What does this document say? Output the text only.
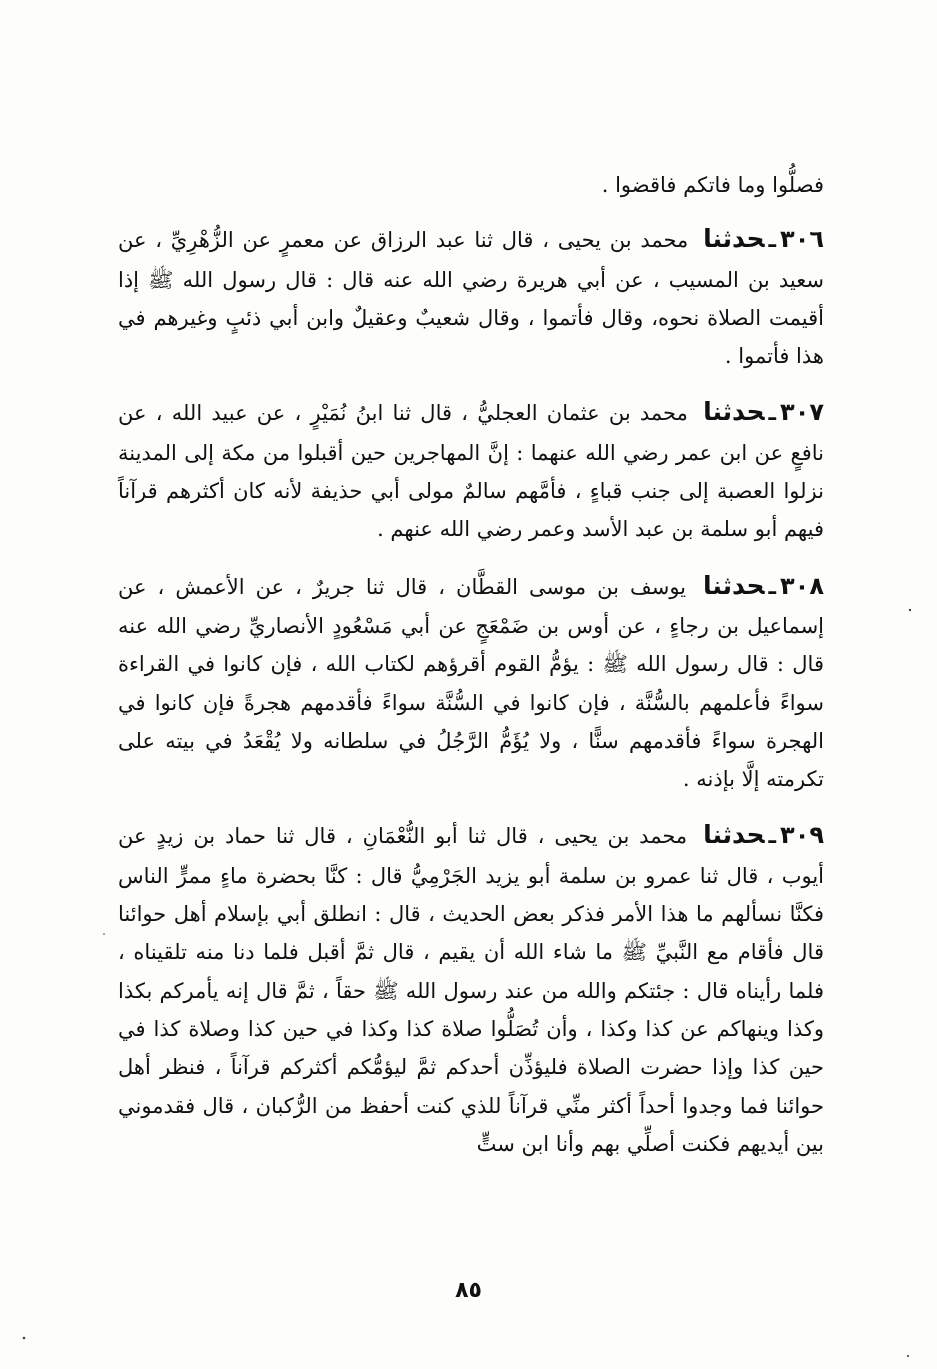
فصلُّوا وما فاتكم فاقضوا .

٣٠٦ـحدثنا محمد بن يحيى ، قال ثنا عبد الرزاق عن معمرٍ عن الزُّهْرِيِّ ، عن سعيد بن المسيب ، عن أبي هريرة رضي الله عنه قال : قال رسول الله ﷺ إذا أقيمت الصلاة نحوه، وقال فأتموا ، وقال شعيبٌ وعقيلٌ وابن أبي ذئبٍ وغيرهم في هذا فأتموا .

٣٠٧ـحدثنا محمد بن عثمان العجليُّ ، قال ثنا ابنُ نُمَيْرٍ ، عن عبيد الله ، عن نافعٍ عن ابن عمر رضي الله عنهما : إنَّ المهاجرين حين أقبلوا من مكة إلى المدينة نزلوا العصبة إلى جنب قباءٍ ، فأمَّهم سالمٌ مولى أبي حذيفة لأنه كان أكثرهم قرآناً فيهم أبو سلمة بن عبد الأسد وعمر رضي الله عنهم .

٣٠٨ـحدثنا يوسف بن موسى القطَّان ، قال ثنا جريرٌ ، عن الأعمش ، عن إسماعيل بن رجاءٍ ، عن أوس بن ضَمْعَجٍ عن أبي مَسْعُودٍ الأنصاريِّ رضي الله عنه قال : قال رسول الله ﷺ : يؤمُّ القوم أقرؤهم لكتاب الله ، فإن كانوا في القراءة سواءً فأعلمهم بالسُّنَّة ، فإن كانوا في السُّنَّة سواءً فأقدمهم هجرةً فإن كانوا في الهجرة سواءً فأقدمهم سنًّا ، ولا يُؤَمُّ الرَّجُلُ في سلطانه ولا يُقْعَدُ في بيته على تكرمته إلَّا بإذنه .

٣٠٩ـحدثنا محمد بن يحيى ، قال ثنا أبو النُّعْمَانِ ، قال ثنا حماد بن زيدٍ عن أيوب ، قال ثنا عمرو بن سلمة أبو يزيد الجَرْمِيُّ قال : كنَّا بحضرة ماءٍ ممرٍّ الناس فكنَّا نسألهم ما هذا الأمر فذكر بعض الحديث ، قال : انطلق أبي بإسلام أهل حوائنا قال فأقام مع النَّبيِّ ﷺ ما شاء الله أن يقيم ، قال ثمَّ أقبل فلما دنا منه تلقيناه ، فلما رأيناه قال : جئتكم والله من عند رسول الله ﷺ حقاً ، ثمَّ قال إنه يأمركم بكذا وكذا وينهاكم عن كذا وكذا ، وأن تُصَلُّوا صلاة كذا وكذا في حين كذا وصلاة كذا في حين كذا وإذا حضرت الصلاة فليؤذِّن أحدكم ثمَّ ليؤمُّكم أكثركم قرآناً ، فنظر أهل حوائنا فما وجدوا أحداً أكثر منِّي قرآناً للذي كنت أحفظ من الرُّكبان ، قال فقدموني بين أيديهم فكنت أصلِّي بهم وأنا ابن ستٍّ

٨٥
